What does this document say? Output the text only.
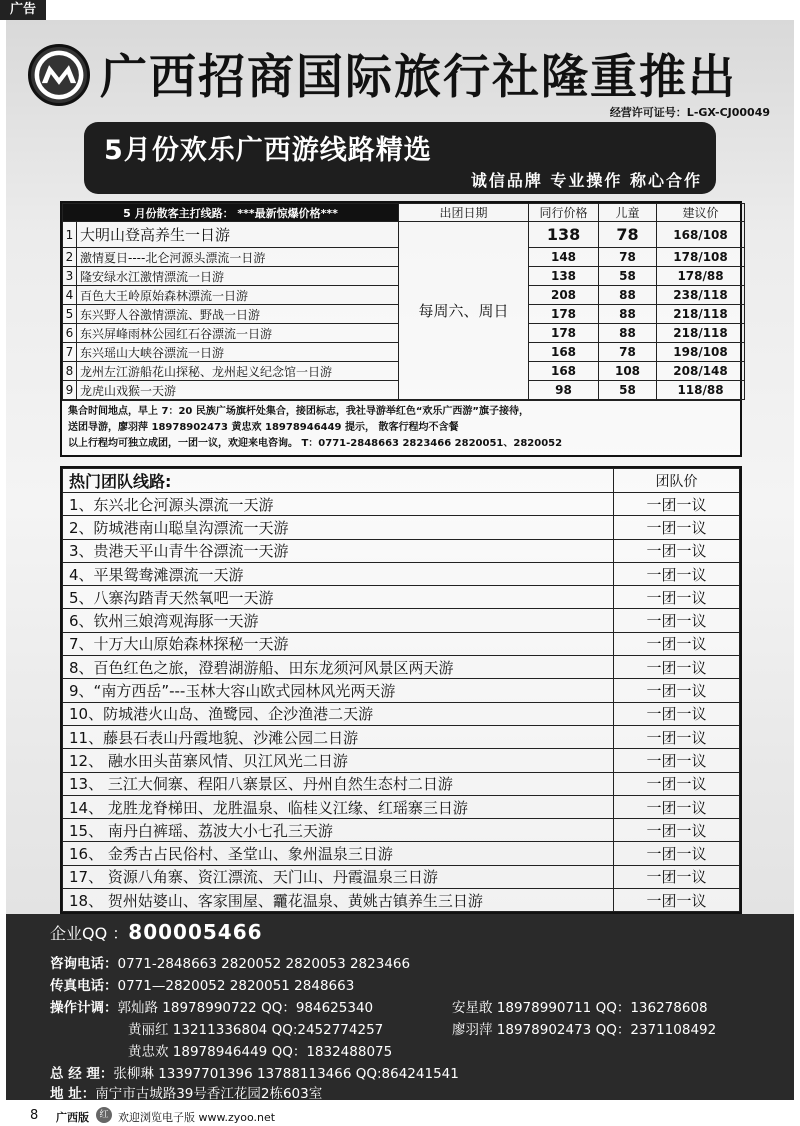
广告
广西招商国际旅行社隆重推出
经营许可证号：L-GX-CJ00049
5月份欢乐广西游线路精选
诚信品牌 专业操作 称心合作
5 月份散客主打线路： ***最新惊爆价格***		出团日期	同行价格	儿童	建议价
1	大明山登高养生一日游	每周六、周日	138	78	168/108
2	激情夏日----北仑河源头漂流一日游		148	78	178/108
3	隆安绿水江激情漂流一日游		138	58	178/88
4	百色大王岭原始森林漂流一日游		208	88	238/118
5	东兴野人谷激情漂流、野战一日游		178	88	218/118
6	东兴屏峰雨林公园红石谷漂流一日游		178	88	218/118
7	东兴瑶山大峡谷漂流一日游		168	78	198/108
8	龙州左江游船花山探秘、龙州起义纪念馆一日游		168	108	208/148
9	龙虎山戏猴一天游		98	58	118/88
集合时间地点，早上 7：20 民族广场旗杆处集合，接团标志，我社导游举红色“欢乐广西游”旗子接待，
送团导游，廖羽萍 18978902473 黄忠欢 18978946449 提示， 散客行程均不含餐
以上行程均可独立成团，一团一议，欢迎来电咨询。 T：0771-2848663 2823466 2820051、2820052
热门团队线路:	团队价
1、东兴北仑河源头漂流一天游	一团一议
2、防城港南山聪皇沟漂流一天游	一团一议
3、贵港天平山青牛谷漂流一天游	一团一议
4、平果鸳鸯滩漂流一天游	一团一议
5、八寨沟踏青天然氧吧一天游	一团一议
6、钦州三娘湾观海豚一天游	一团一议
7、十万大山原始森林探秘一天游	一团一议
8、百色红色之旅，澄碧湖游船、田东龙须河风景区两天游	一团一议
9、“南方西岳”---玉林大容山欧式园林风光两天游	一团一议
10、防城港火山岛、渔鹭园、企沙渔港二天游	一团一议
11、藤县石表山丹霞地貌、沙滩公园二日游	一团一议
12、 融水田头苗寨风情、贝江风光二日游	一团一议
13、 三江大侗寨、程阳八寨景区、丹州自然生态村二日游	一团一议
14、 龙胜龙脊梯田、龙胜温泉、临桂义江缘、红瑶寨三日游	一团一议
15、 南丹白裤瑶、荔波大小七孔三天游	一团一议
16、 金秀古占民俗村、圣堂山、象州温泉三日游	一团一议
17、 资源八角寨、资江漂流、天门山、丹霞温泉三日游	一团一议
18、 贺州姑婆山、客家围屋、龗花温泉、黄姚古镇养生三日游	一团一议
企业QQ ：800005466
咨询电话：0771-2848663 2820052 2820053 2823466
传真电话：0771—2820052 2820051 2848663
操作计调：郭灿路 18978990722 QQ：984625340	安星敢 18978990711 QQ：136278608
黄丽红 13211336804 QQ:2452774257	廖羽萍 18978902473 QQ：2371108492
黄忠欢 18978946449 QQ：1832488075
总 经 理：张柳琳 13397701396 13788113466 QQ:864241541
地 址：南宁市古城路39号香江花园2栋603室
8 广西版	红 欢迎浏览电子版 www.zyoo.net
